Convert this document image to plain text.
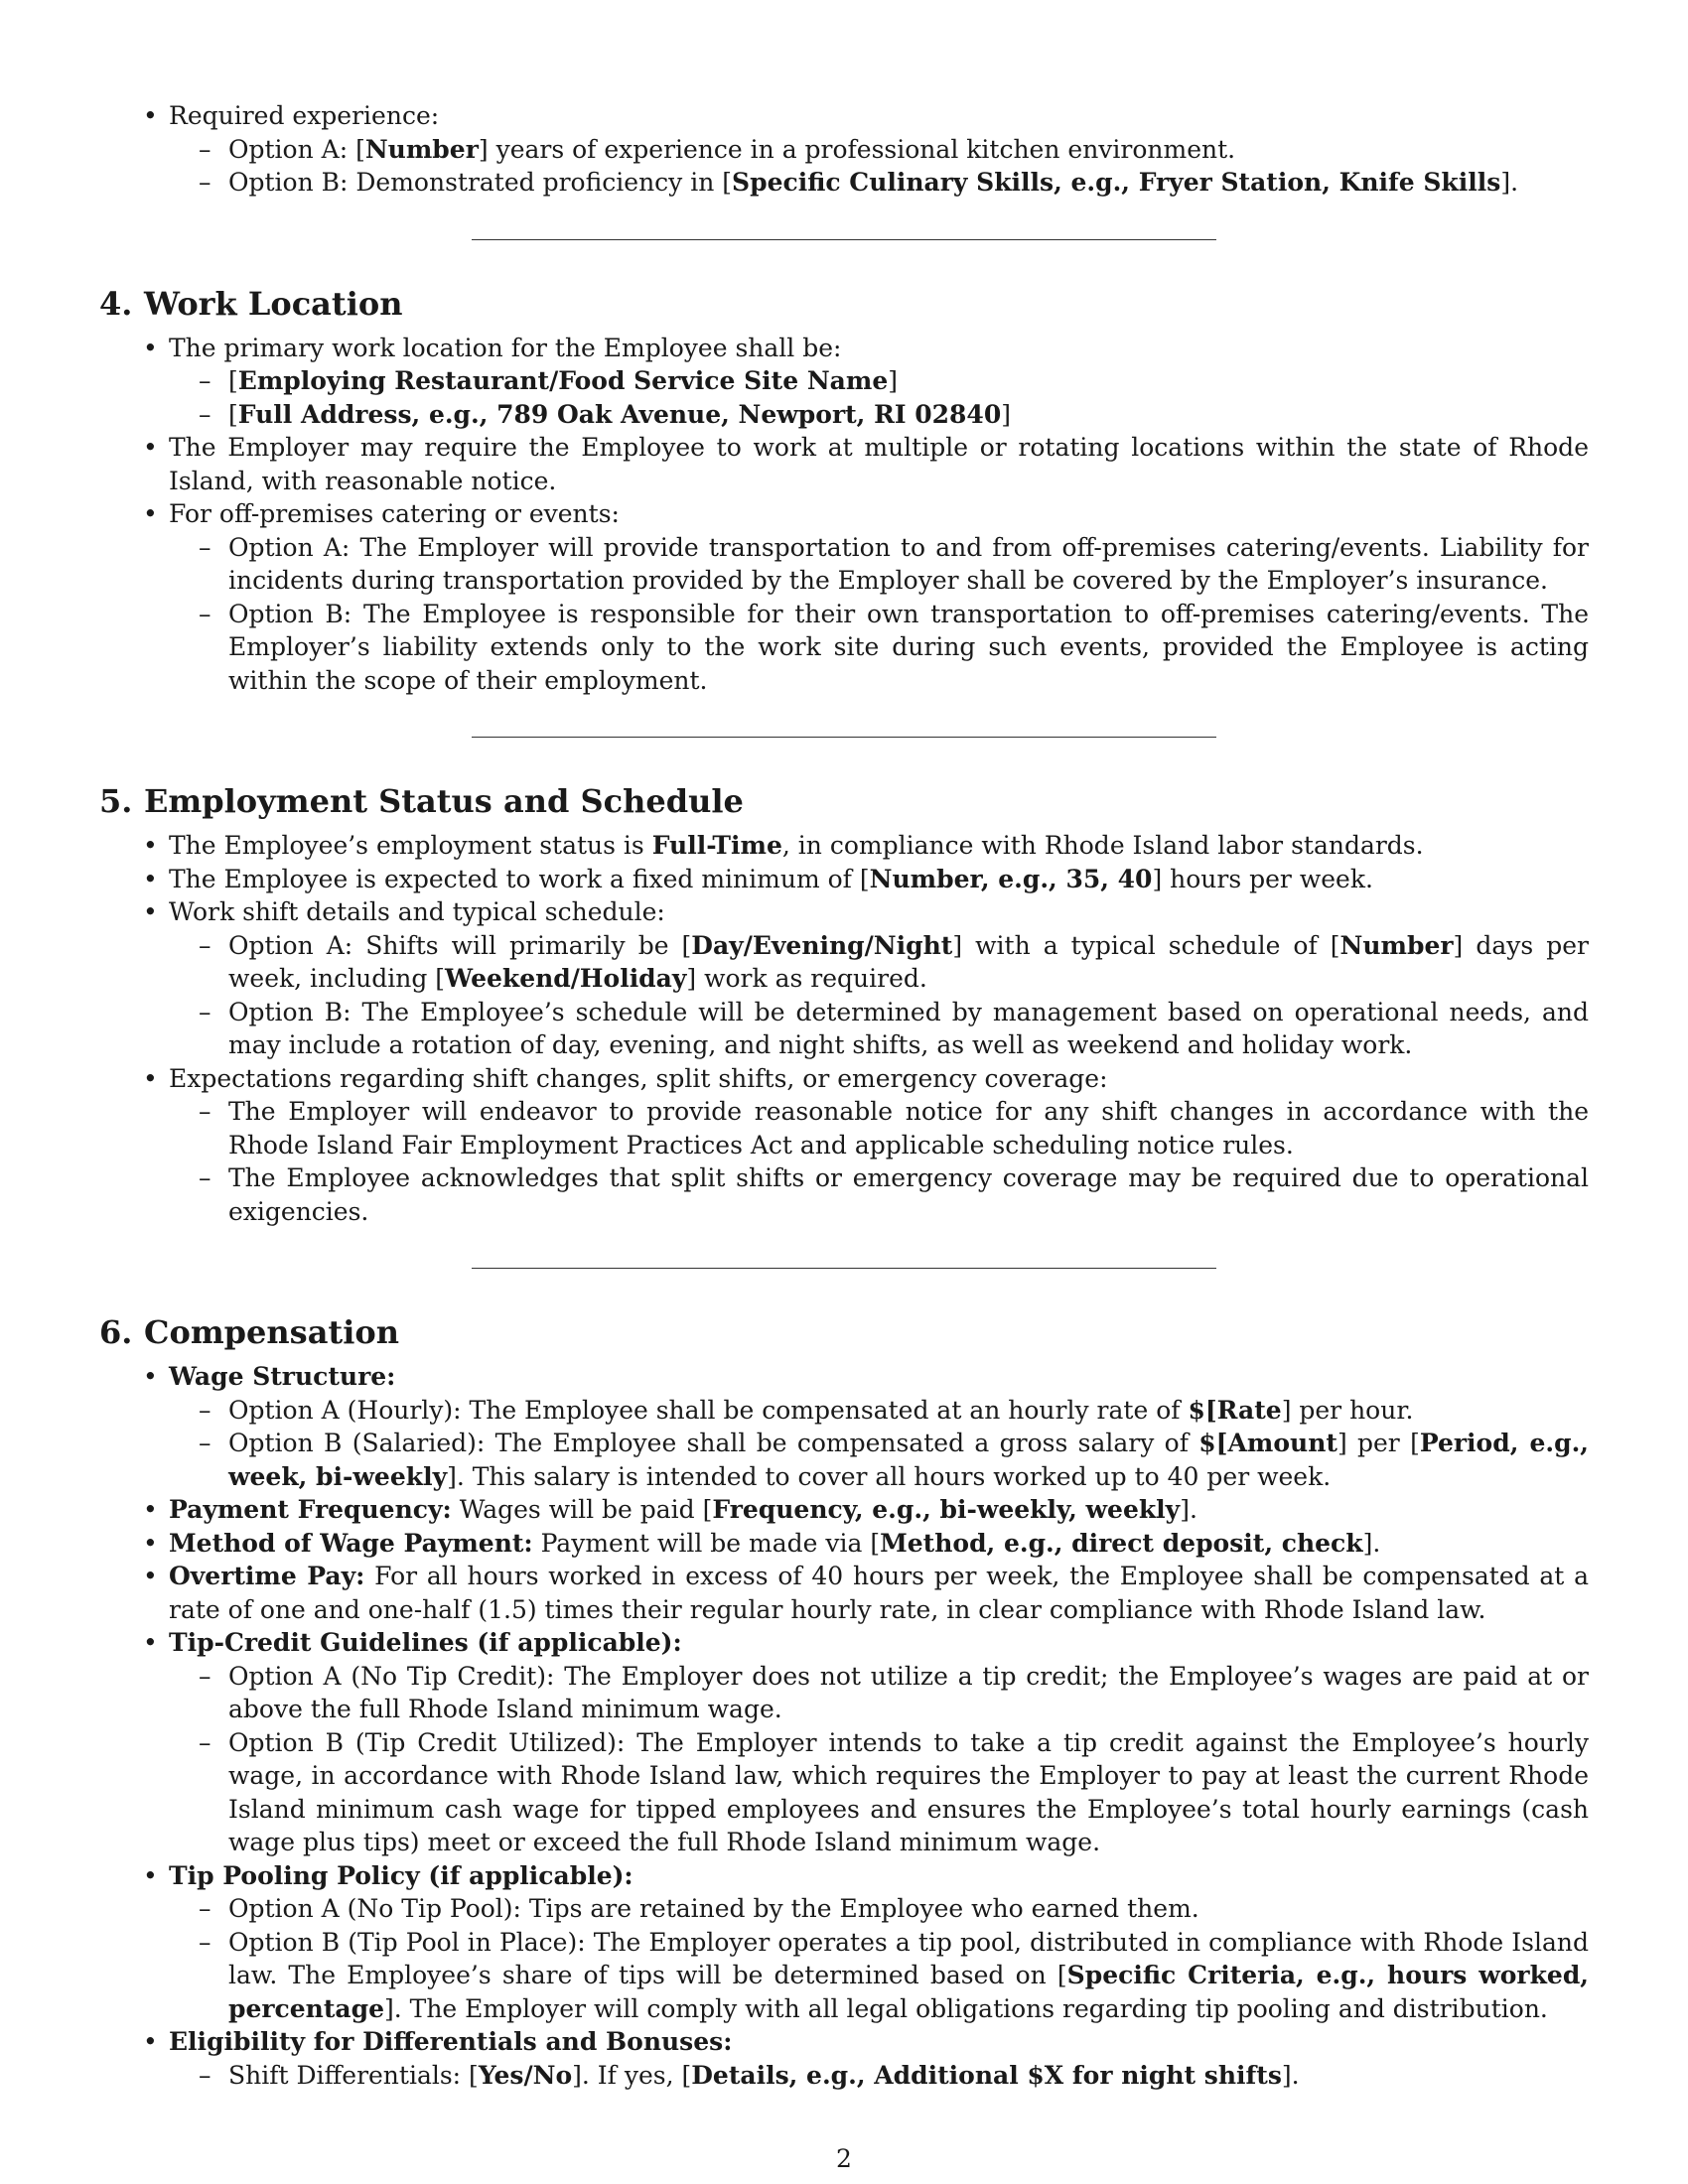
• Required experience:
– Option A: [Number] years of experience in a professional kitchen environment.
– Option B: Demonstrated proficiency in [Specific Culinary Skills, e.g., Fryer Station, Knife Skills].
4. Work Location
• The primary work location for the Employee shall be:
– [Employing Restaurant/Food Service Site Name]
– [Full Address, e.g., 789 Oak Avenue, Newport, RI 02840]
• The Employer may require the Employee to work at multiple or rotating locations within the state of Rhode Island, with reasonable notice.
• For off-premises catering or events:
– Option A: The Employer will provide transportation to and from off-premises catering/events. Liability for incidents during transportation provided by the Employer shall be covered by the Employer’s insurance.
– Option B: The Employee is responsible for their own transportation to off-premises catering/events. The Employer’s liability extends only to the work site during such events, provided the Employee is acting within the scope of their employment.
5. Employment Status and Schedule
• The Employee’s employment status is Full-Time, in compliance with Rhode Island labor standards.
• The Employee is expected to work a fixed minimum of [Number, e.g., 35, 40] hours per week.
• Work shift details and typical schedule:
– Option A: Shifts will primarily be [Day/Evening/Night] with a typical schedule of [Number] days per week, including [Weekend/Holiday] work as required.
– Option B: The Employee’s schedule will be determined by management based on operational needs, and may include a rotation of day, evening, and night shifts, as well as weekend and holiday work.
• Expectations regarding shift changes, split shifts, or emergency coverage:
– The Employer will endeavor to provide reasonable notice for any shift changes in accordance with the Rhode Island Fair Employment Practices Act and applicable scheduling notice rules.
– The Employee acknowledges that split shifts or emergency coverage may be required due to operational exigencies.
6. Compensation
• Wage Structure:
– Option A (Hourly): The Employee shall be compensated at an hourly rate of $[Rate] per hour.
– Option B (Salaried): The Employee shall be compensated a gross salary of $[Amount] per [Period, e.g., week, bi-weekly]. This salary is intended to cover all hours worked up to 40 per week.
• Payment Frequency: Wages will be paid [Frequency, e.g., bi-weekly, weekly].
• Method of Wage Payment: Payment will be made via [Method, e.g., direct deposit, check].
• Overtime Pay: For all hours worked in excess of 40 hours per week, the Employee shall be compensated at a rate of one and one-half (1.5) times their regular hourly rate, in clear compliance with Rhode Island law.
• Tip-Credit Guidelines (if applicable):
– Option A (No Tip Credit): The Employer does not utilize a tip credit; the Employee’s wages are paid at or above the full Rhode Island minimum wage.
– Option B (Tip Credit Utilized): The Employer intends to take a tip credit against the Employee’s hourly wage, in accordance with Rhode Island law, which requires the Employer to pay at least the current Rhode Island minimum cash wage for tipped employees and ensures the Employee’s total hourly earnings (cash wage plus tips) meet or exceed the full Rhode Island minimum wage.
• Tip Pooling Policy (if applicable):
– Option A (No Tip Pool): Tips are retained by the Employee who earned them.
– Option B (Tip Pool in Place): The Employer operates a tip pool, distributed in compliance with Rhode Island law. The Employee’s share of tips will be determined based on [Specific Criteria, e.g., hours worked, percentage]. The Employer will comply with all legal obligations regarding tip pooling and distribution.
• Eligibility for Differentials and Bonuses:
– Shift Differentials: [Yes/No]. If yes, [Details, e.g., Additional $X for night shifts].
2
